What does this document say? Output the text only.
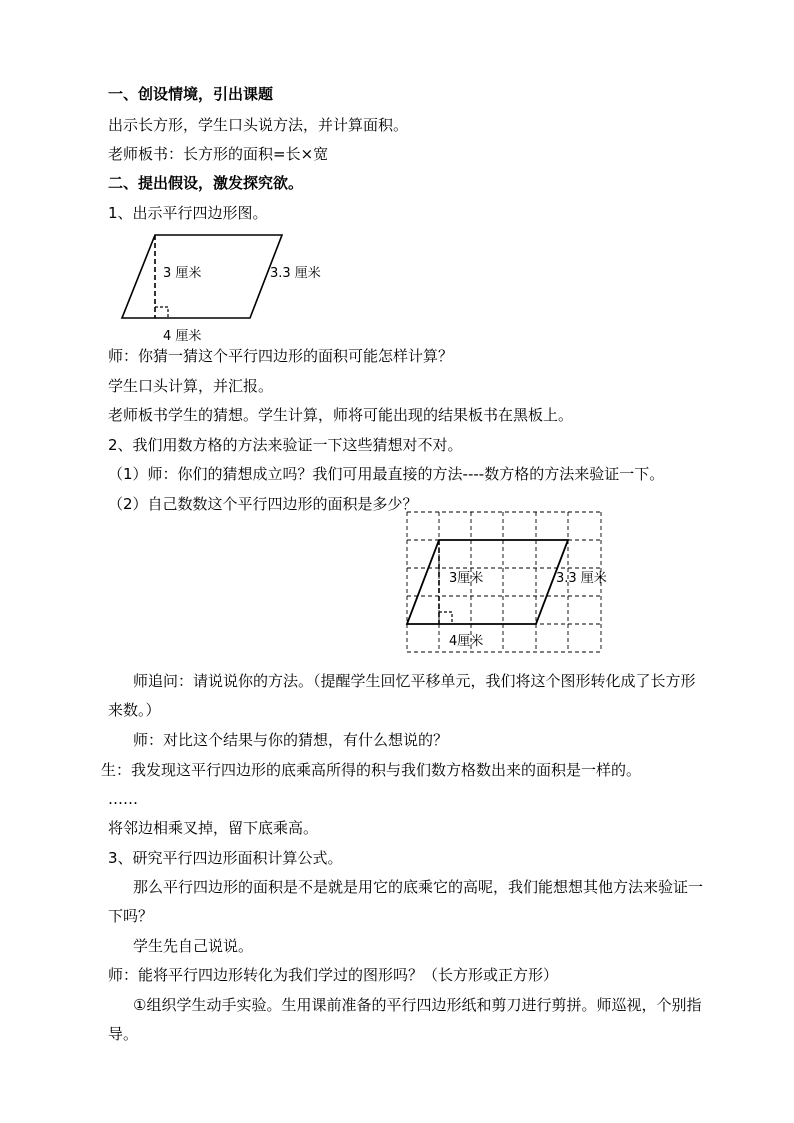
一、创设情境，引出课题
出示长方形，学生口头说方法，并计算面积。
老师板书：长方形的面积=长×宽
二、提出假设，激发探究欲。
1、出示平行四边形图。
3 厘米	3.3 厘米
4 厘米
师：你猜一猜这个平行四边形的面积可能怎样计算？
学生口头计算，并汇报。
老师板书学生的猜想。学生计算，师将可能出现的结果板书在黑板上。
2、我们用数方格的方法来验证一下这些猜想对不对。
（1）师：你们的猜想成立吗？我们可用最直接的方法----数方格的方法来验证一下。
（2）自己数数这个平行四边形的面积是多少？
3厘米	3.3 厘米
4厘米
师追问：请说说你的方法。（提醒学生回忆平移单元，我们将这个图形转化成了长方形
来数。）
师：对比这个结果与你的猜想，有什么想说的？
生：我发现这平行四边形的底乘高所得的积与我们数方格数出来的面积是一样的。
……
将邻边相乘叉掉，留下底乘高。
3、研究平行四边形面积计算公式。
那么平行四边形的面积是不是就是用它的底乘它的高呢，我们能想想其他方法来验证一
下吗？
学生先自己说说。
师：能将平行四边形转化为我们学过的图形吗？（长方形或正方形）
①组织学生动手实验。生用课前准备的平行四边形纸和剪刀进行剪拼。师巡视，个别指
导。
